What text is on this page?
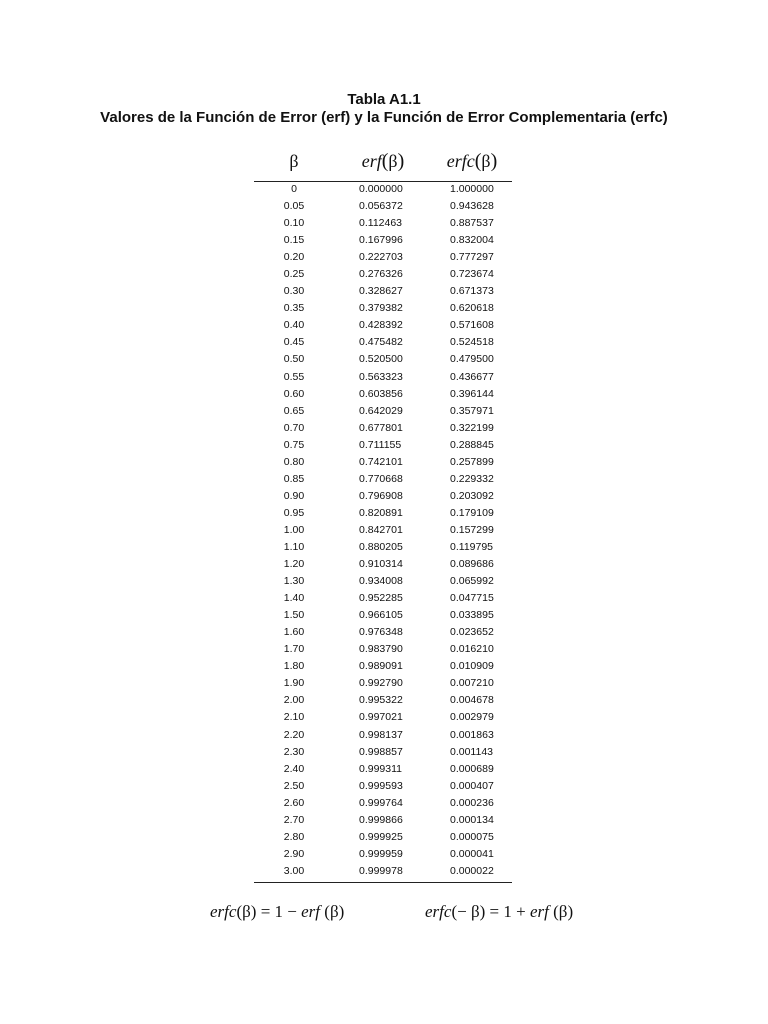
Tabla A1.1
Valores de la Función de Error (erf) y la Función de Error Complementaria (erfc)
β	erf(β)	erfc(β)
0	0.000000	1.000000
0.05	0.056372	0.943628
0.10	0.112463	0.887537
0.15	0.167996	0.832004
0.20	0.222703	0.777297
0.25	0.276326	0.723674
0.30	0.328627	0.671373
0.35	0.379382	0.620618
0.40	0.428392	0.571608
0.45	0.475482	0.524518
0.50	0.520500	0.479500
0.55	0.563323	0.436677
0.60	0.603856	0.396144
0.65	0.642029	0.357971
0.70	0.677801	0.322199
0.75	0.711155	0.288845
0.80	0.742101	0.257899
0.85	0.770668	0.229332
0.90	0.796908	0.203092
0.95	0.820891	0.179109
1.00	0.842701	0.157299
1.10	0.880205	0.119795
1.20	0.910314	0.089686
1.30	0.934008	0.065992
1.40	0.952285	0.047715
1.50	0.966105	0.033895
1.60	0.976348	0.023652
1.70	0.983790	0.016210
1.80	0.989091	0.010909
1.90	0.992790	0.007210
2.00	0.995322	0.004678
2.10	0.997021	0.002979
2.20	0.998137	0.001863
2.30	0.998857	0.001143
2.40	0.999311	0.000689
2.50	0.999593	0.000407
2.60	0.999764	0.000236
2.70	0.999866	0.000134
2.80	0.999925	0.000075
2.90	0.999959	0.000041
3.00	0.999978	0.000022
erfc(β) = 1 − erf (β)	erfc(− β) = 1 + erf (β)
